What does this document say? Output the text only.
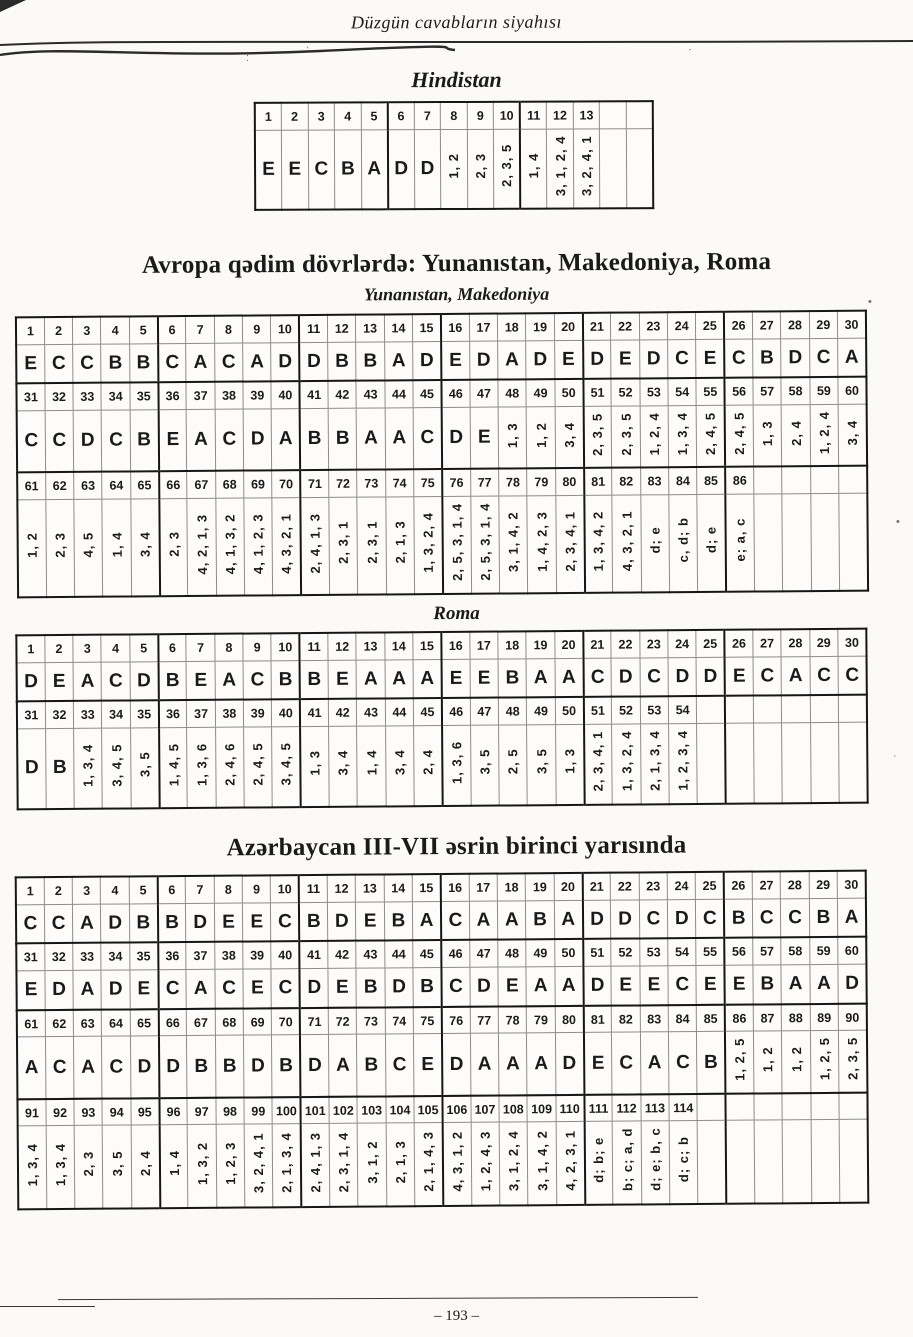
Düzgün cavabların siyahısı
:	`	ˊ
•
•
·
Hindistan
1	2	3	4	5	6	7	8	9	10	11	12	13		
E	E	C	B	A	D	D	1, 2	2, 3	2, 3, 5	1, 4	3, 1, 2, 4	3, 2, 4, 1		
Avropa qədim dövrlərdə: Yunanıstan, Makedoniya, Roma
Yunanıstan, Makedoniya
1	2	3	4	5	6	7	8	9	10	11	12	13	14	15	16	17	18	19	20	21	22	23	24	25	26	27	28	29	30
E	C	C	B	B	C	A	C	A	D	D	B	B	A	D	E	D	A	D	E	D	E	D	C	E	C	B	D	C	A
31	32	33	34	35	36	37	38	39	40	41	42	43	44	45	46	47	48	49	50	51	52	53	54	55	56	57	58	59	60
C	C	D	C	B	E	A	C	D	A	B	B	A	A	C	D	E	1, 3	1, 2	3, 4	2, 3, 5	2, 3, 5	1, 2, 4	1, 3, 4	2, 4, 5	2, 4, 5	1, 3	2, 4	1, 2, 4	3, 4
61	62	63	64	65	66	67	68	69	70	71	72	73	74	75	76	77	78	79	80	81	82	83	84	85	86				
1, 2	2, 3	4, 5	1, 4	3, 4	2, 3	4, 2, 1, 3	4, 1, 3, 2	4, 1, 2, 3	4, 3, 2, 1	2, 4, 1, 3	2, 3, 1	2, 3, 1	2, 1, 3	1, 3, 2, 4	2, 5, 3, 1, 4	2, 5, 3, 1, 4	3, 1, 4, 2	1, 4, 2, 3	2, 3, 4, 1	1, 3, 4, 2	4, 3, 2, 1	d; e	c, d; b	d; e	e; a, c				
Roma
1	2	3	4	5	6	7	8	9	10	11	12	13	14	15	16	17	18	19	20	21	22	23	24	25	26	27	28	29	30
D	E	A	C	D	B	E	A	C	B	B	E	A	A	A	E	E	B	A	A	C	D	C	D	D	E	C	A	C	C
31	32	33	34	35	36	37	38	39	40	41	42	43	44	45	46	47	48	49	50	51	52	53	54						
D	B	1, 3, 4	3, 4, 5	3, 5	1, 4, 5	1, 3, 6	2, 4, 6	2, 4, 5	3, 4, 5	1, 3	3, 4	1, 4	3, 4	2, 4	1, 3, 6	3, 5	2, 5	3, 5	1, 3	2, 3, 4, 1	1, 3, 2, 4	2, 1, 3, 4	1, 2, 3, 4						
Azərbaycan III-VII əsrin birinci yarısında
1	2	3	4	5	6	7	8	9	10	11	12	13	14	15	16	17	18	19	20	21	22	23	24	25	26	27	28	29	30
C	C	A	D	B	B	D	E	E	C	B	D	E	B	A	C	A	A	B	A	D	D	C	D	C	B	C	C	B	A
31	32	33	34	35	36	37	38	39	40	41	42	43	44	45	46	47	48	49	50	51	52	53	54	55	56	57	58	59	60
E	D	A	D	E	C	A	C	E	C	D	E	B	D	B	C	D	E	A	A	D	E	E	C	E	E	B	A	A	D
61	62	63	64	65	66	67	68	69	70	71	72	73	74	75	76	77	78	79	80	81	82	83	84	85	86	87	88	89	90
A	C	A	C	D	D	B	B	D	B	D	A	B	C	E	D	A	A	A	D	E	C	A	C	B	1, 2, 5	1, 2	1, 2	1, 2, 5	2, 3, 5
91	92	93	94	95	96	97	98	99	100	101	102	103	104	105	106	107	108	109	110	111	112	113	114						
1, 3, 4	1, 3, 4	2, 3	3, 5	2, 4	1, 4	1, 3, 2	1, 2, 3	3, 2, 4, 1	2, 1, 3, 4	2, 4, 1, 3	2, 3, 1, 4	3, 1, 2	2, 1, 3	2, 1, 4, 3	4, 3, 1, 2	1, 2, 4, 3	3, 1, 2, 4	3, 1, 4, 2	4, 2, 3, 1	d; b; e	b; c; a, d	d; e; b, c	d; c; b						
– 193 –
